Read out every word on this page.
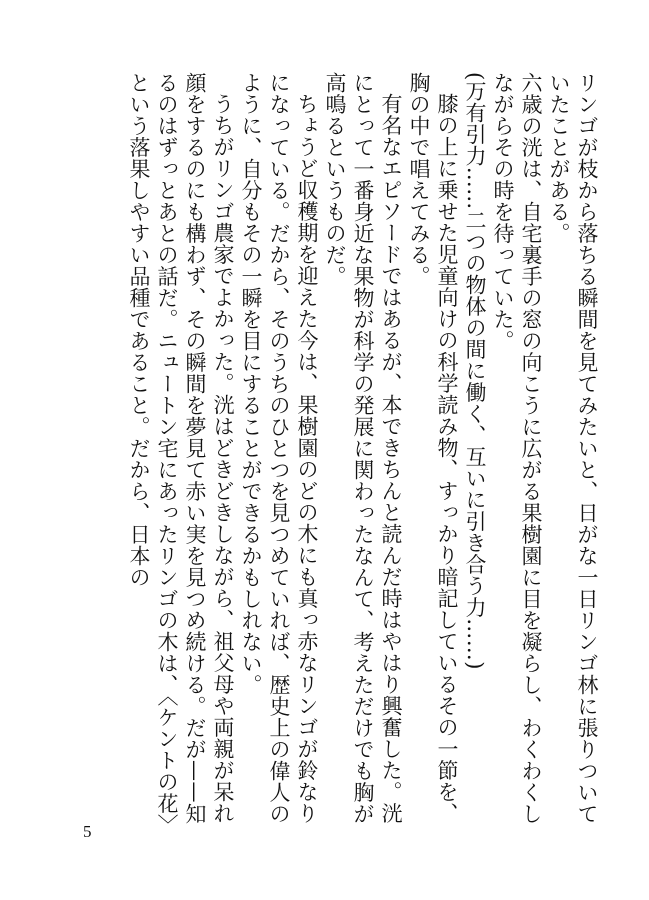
リンゴが枝から落ちる瞬間を見てみたいと、日がな一日リンゴ林に張りついていたことがある。

六歳の洸は、自宅裏手の窓の向こうに広がる果樹園に目を凝らし、わくわくしながらその時を待っていた。

(万有引力……二つの物体の間に働く、互いに引き合う力……)

膝の上に乗せた児童向けの科学読み物、すっかり暗記しているその一節を、胸の中で唱えてみる。

有名なエピソードではあるが、本できちんと読んだ時はやはり興奮した。洸にとって一番身近な果物が科学の発展に関わったなんて、考えただけでも胸が高鳴るというものだ。

ちょうど収穫期を迎えた今は、果樹園のどの木にも真っ赤なリンゴが鈴なりになっている。だから、そのうちのひとつを見つめていれば、歴史上の偉人のように、自分もその一瞬を目にすることができるかもしれない。

うちがリンゴ農家でよかった。洸はどきどきしながら、祖父母や両親が呆れ顔をするのにも構わず、その瞬間を夢見て赤い実を見つめ続ける。だが——知るのはずっとあとの話だ。ニュートン宅にあったリンゴの木は、〈ケントの花〉という落果しやすい品種であること。だから、日本の

5
